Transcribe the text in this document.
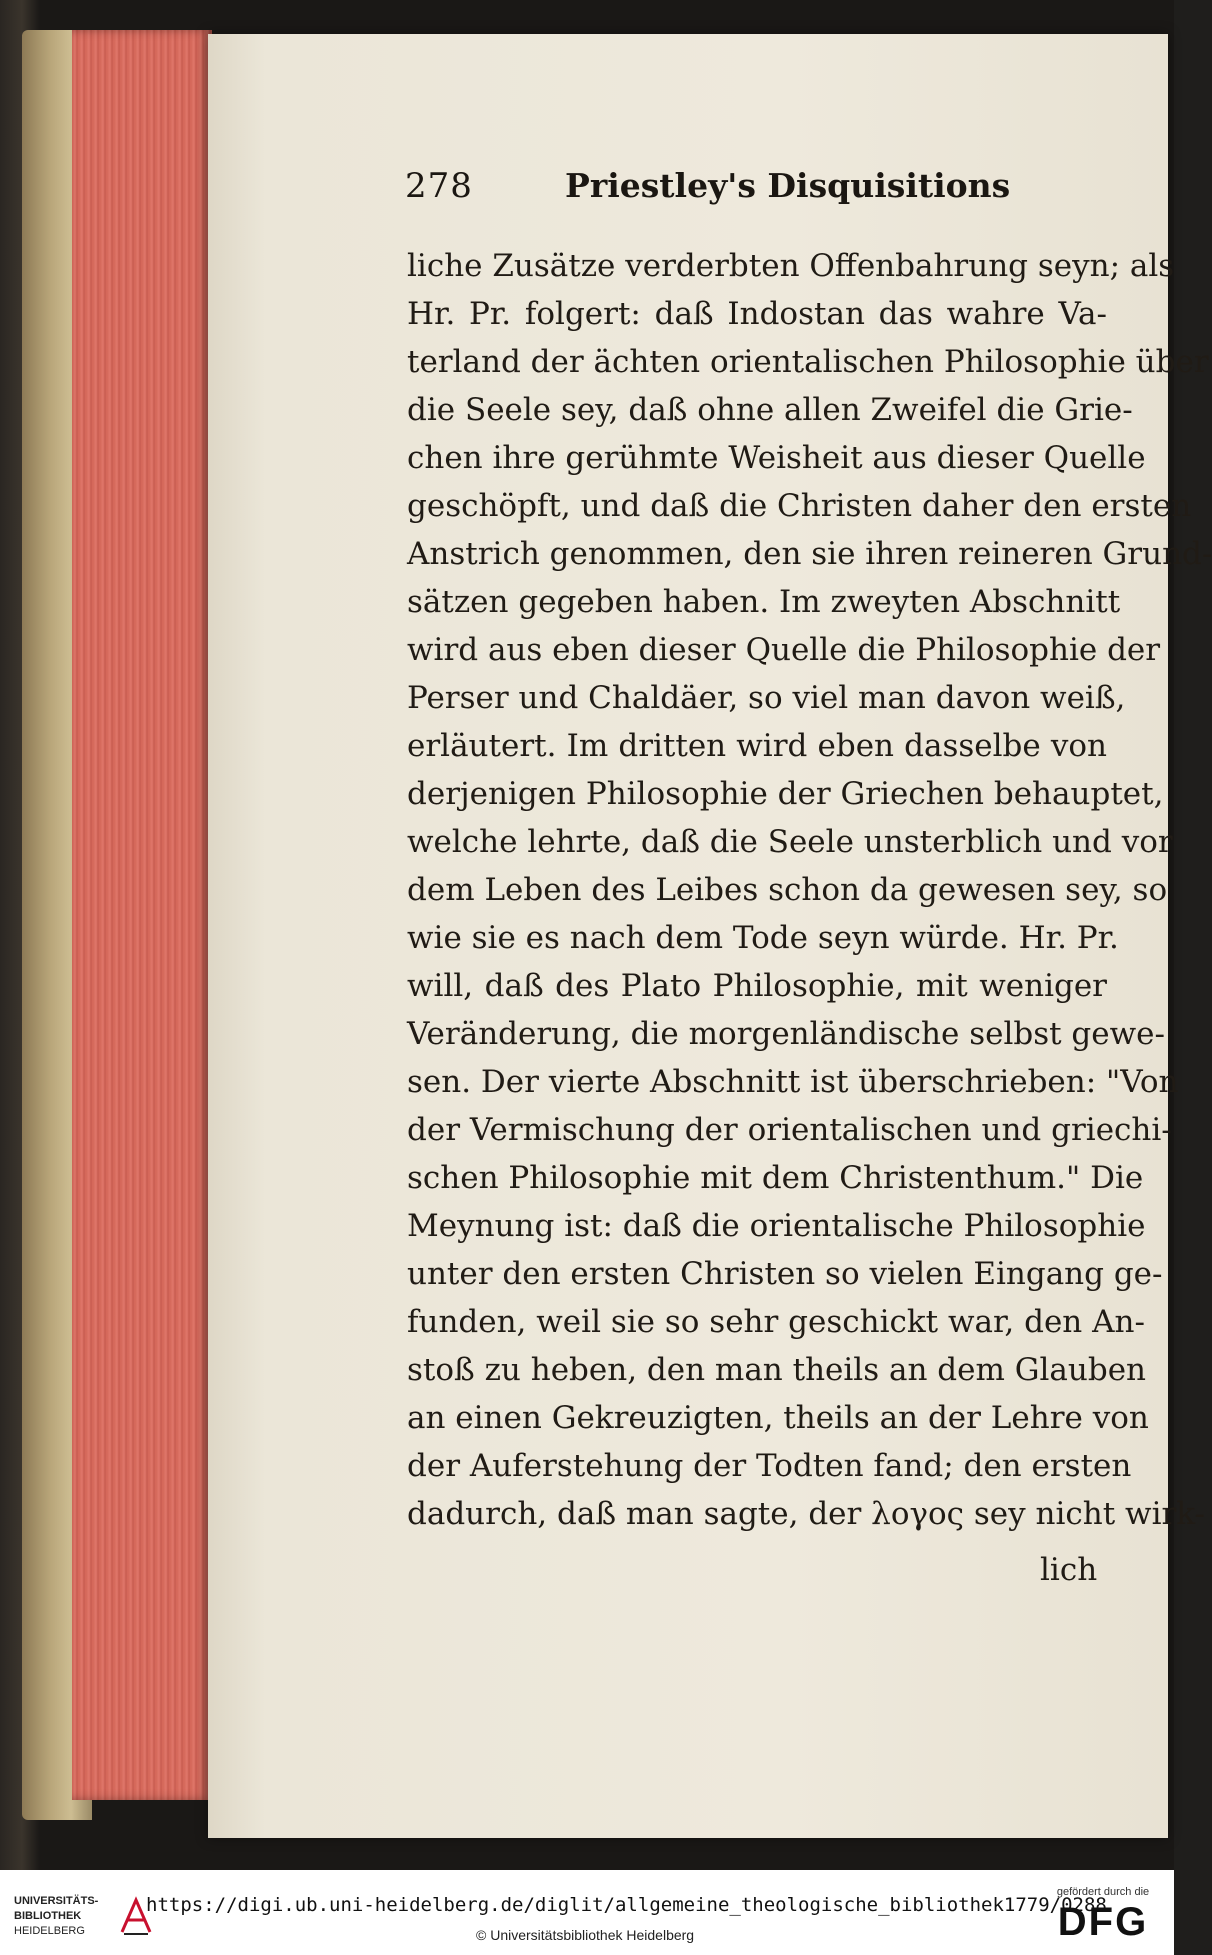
278	Priestley's Disquisitions
liche Zusätze verderbten Offenbahrung seyn; als
Hr. Pr. folgert: daß Indostan das wahre Va-
terland der ächten orientalischen Philosophie über
die Seele sey, daß ohne allen Zweifel die Grie-
chen ihre gerühmte Weisheit aus dieser Quelle
geschöpft, und daß die Christen daher den ersten
Anstrich genommen, den sie ihren reineren Grund-
sätzen gegeben haben. Im zweyten Abschnitt
wird aus eben dieser Quelle die Philosophie der
Perser und Chaldäer, so viel man davon weiß,
erläutert. Im dritten wird eben dasselbe von
derjenigen Philosophie der Griechen behauptet,
welche lehrte, daß die Seele unsterblich und vor
dem Leben des Leibes schon da gewesen sey, so
wie sie es nach dem Tode seyn würde. Hr. Pr.
will, daß des Plato Philosophie, mit weniger
Veränderung, die morgenländische selbst gewe-
sen. Der vierte Abschnitt ist überschrieben: "Von
der Vermischung der orientalischen und griechi-
schen Philosophie mit dem Christenthum." Die
Meynung ist: daß die orientalische Philosophie
unter den ersten Christen so vielen Eingang ge-
funden, weil sie so sehr geschickt war, den An-
stoß zu heben, den man theils an dem Glauben
an einen Gekreuzigten, theils an der Lehre von
der Auferstehung der Todten fand; den ersten
dadurch, daß man sagte, der λογος sey nicht wirk-
lich
UNIVERSITÄTS-
BIBLIOTHEK
HEIDELBERG
https://digi.ub.uni-heidelberg.de/diglit/allgemeine_theologische_bibliothek1779/0288
© Universitätsbibliothek Heidelberg
gefördert durch die
DFG
